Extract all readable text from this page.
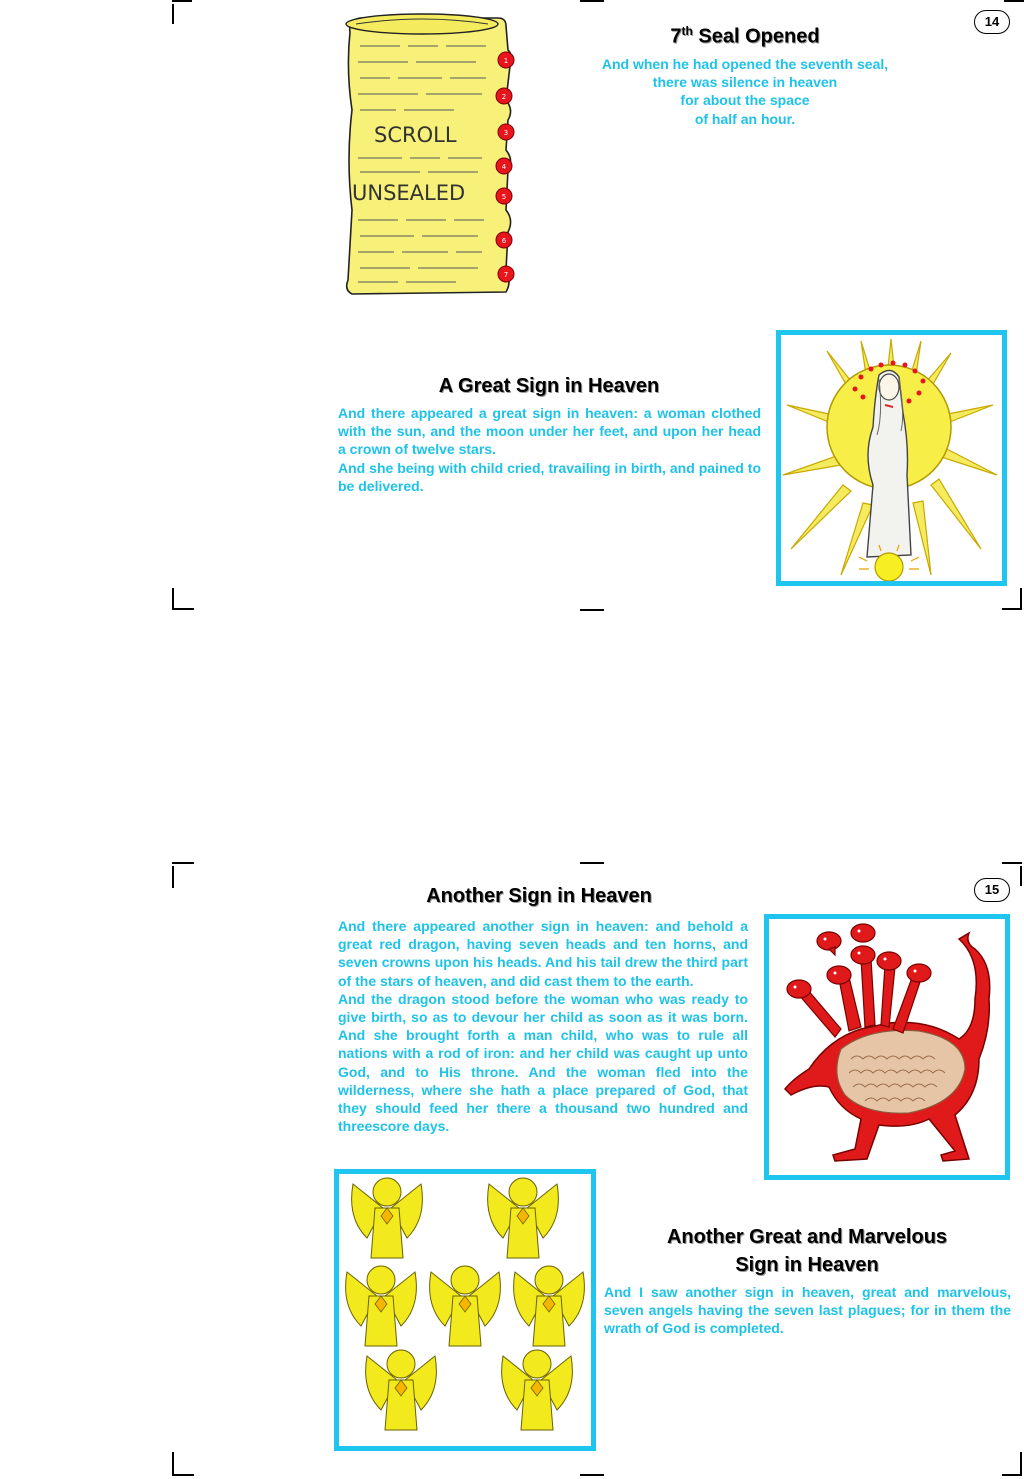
14
SCROLL
UNSEALED
1
2
3
4
5
6
7
7th Seal Opened
And when he had opened the seventh seal,
there was silence in heaven
for about the space
of half an hour.
A Great Sign in Heaven

And there appeared a great sign in heaven: a woman clothed with the sun, and the moon under her feet, and upon her head a crown of twelve stars.

And she being with child cried, travailing in birth, and pained to be delivered.

15
Another Sign in Heaven

And there appeared another sign in heaven: and behold a great red dragon, having seven heads and ten horns, and seven crowns upon his heads. And his tail drew the third part of the stars of heaven, and did cast them to the earth.

And the dragon stood before the woman who was ready to give birth, so as to devour her child as soon as it was born. And she brought forth a man child, who was to rule all nations with a rod of iron: and her child was caught up unto God, and to His throne. And the woman fled into the wilderness, where she hath a place prepared of God, that they should feed her there a thousand two hundred and threescore days.

Another Great and Marvelous
Sign in Heaven

And I saw another sign in heaven, great and marvelous, seven angels having the seven last plagues; for in them the wrath of God is completed.
